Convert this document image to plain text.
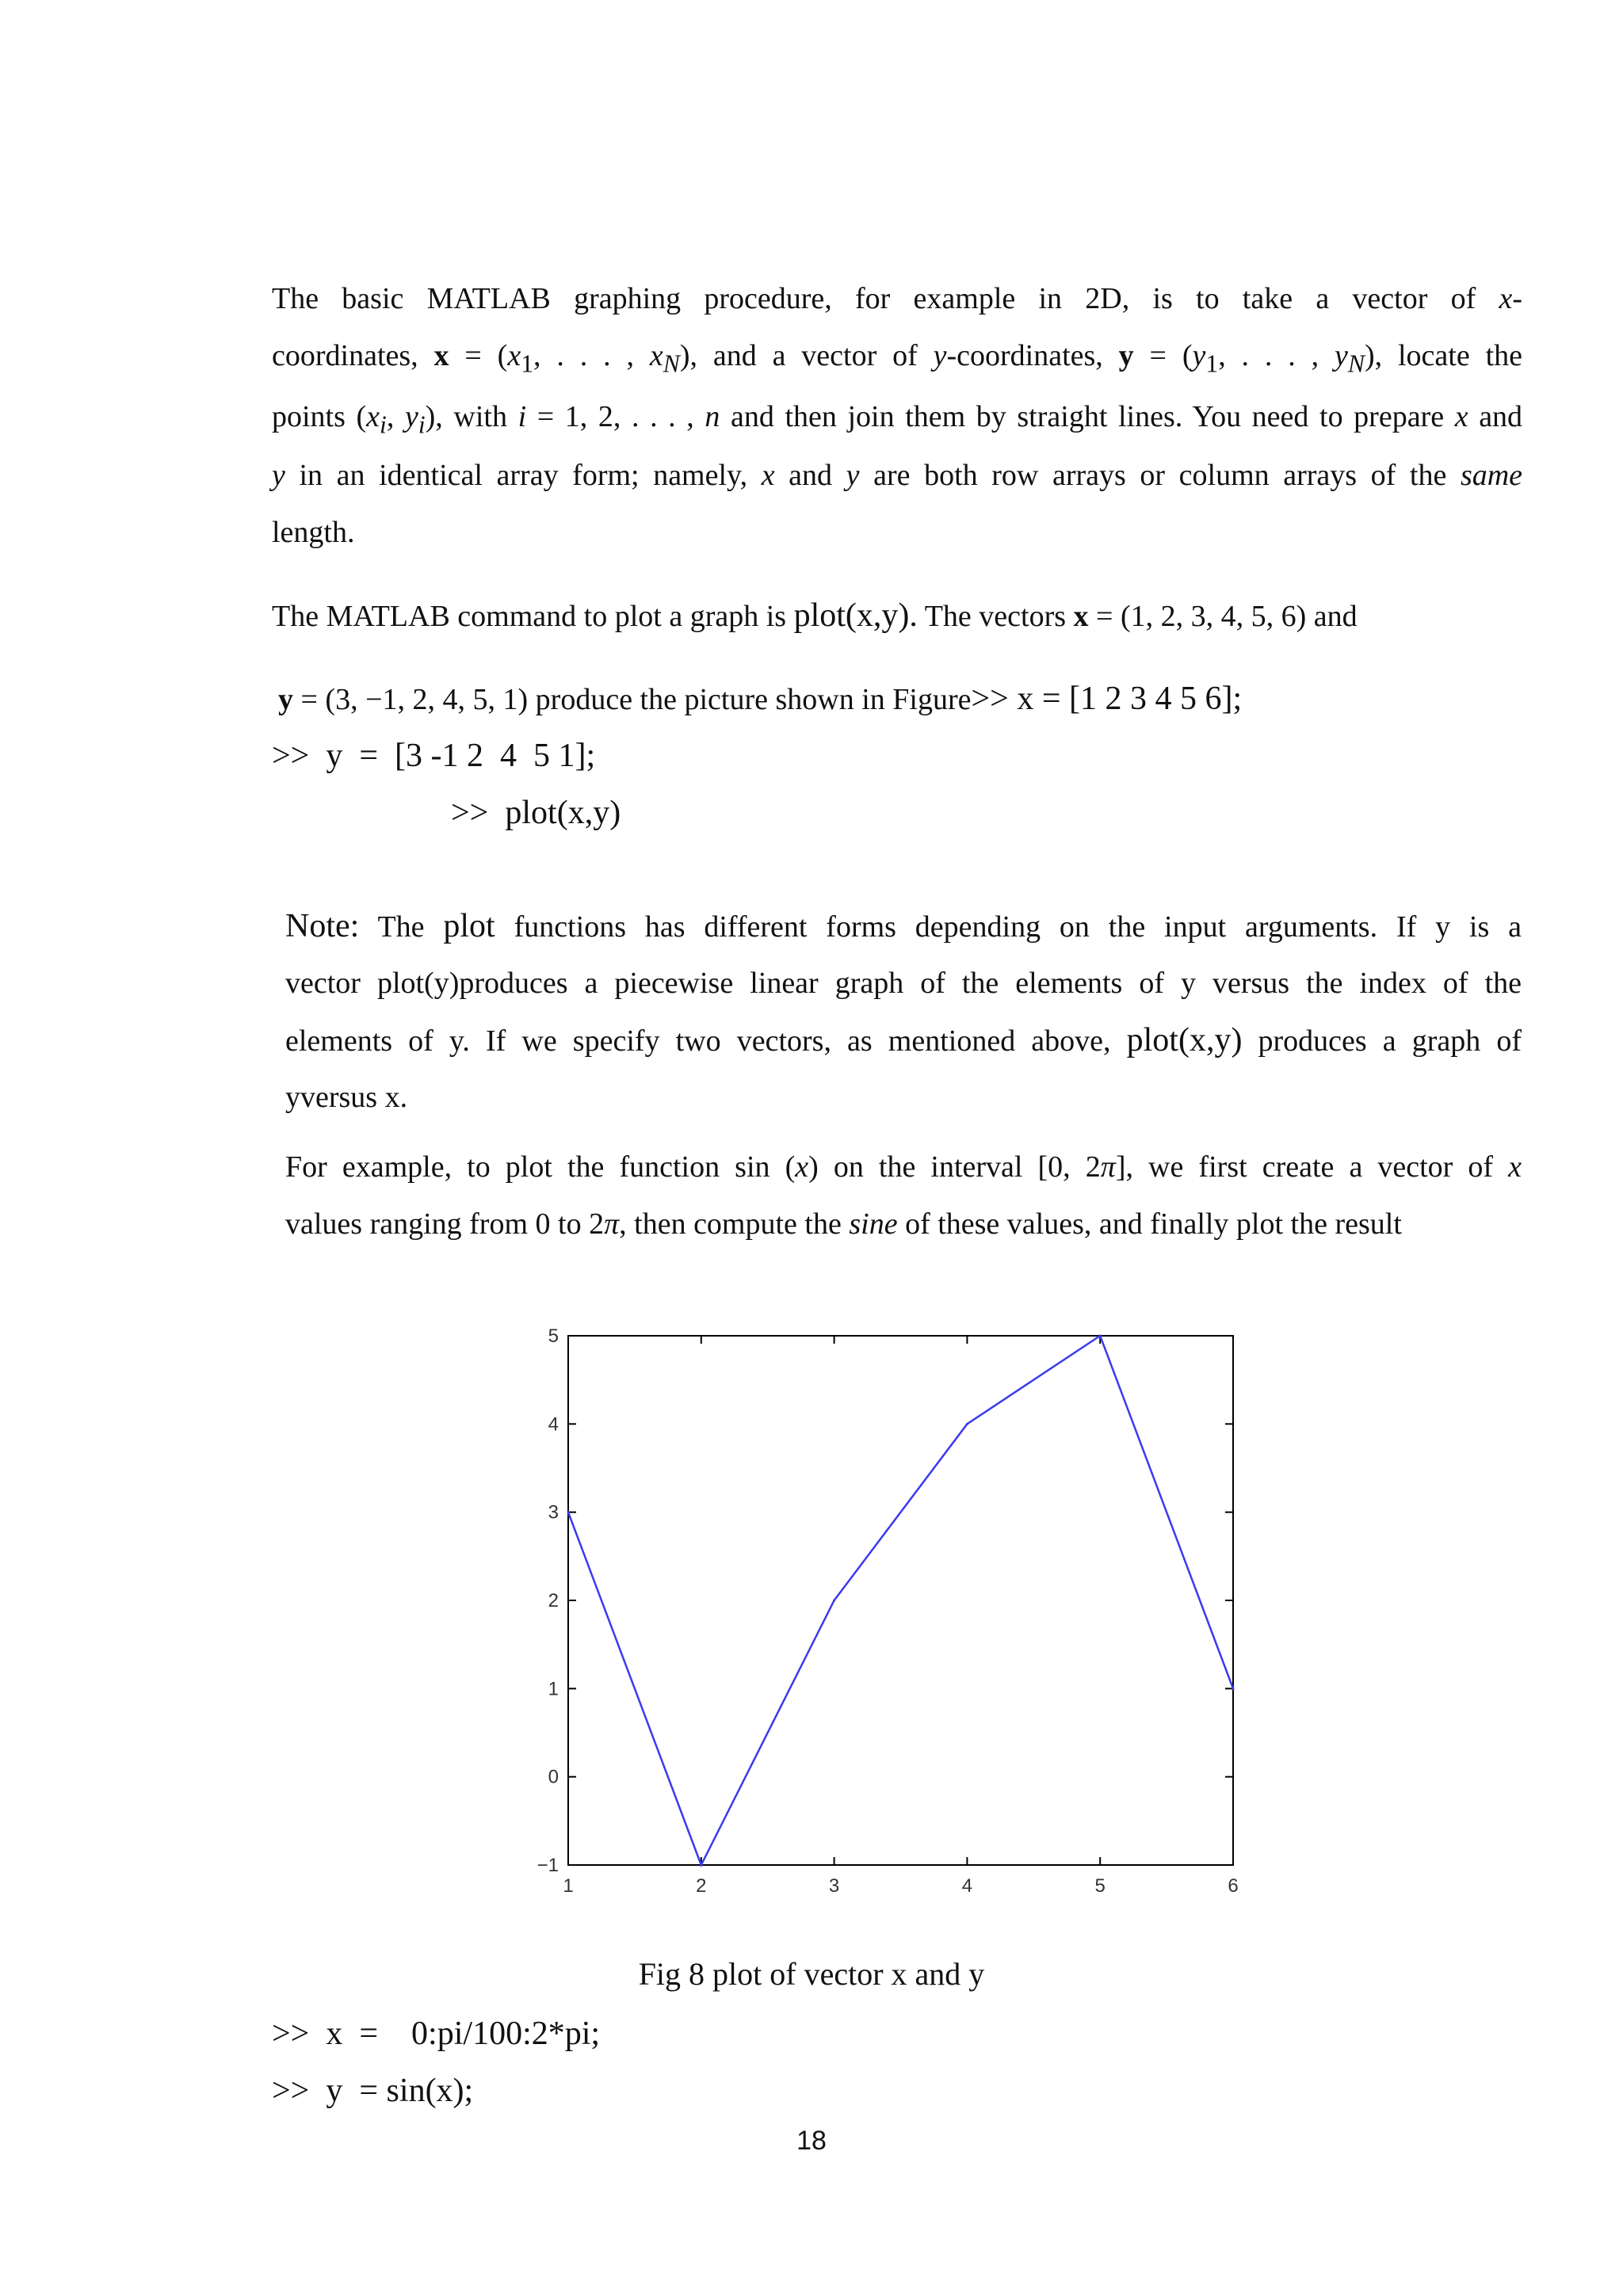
The basic MATLAB graphing procedure, for example in 2D, is to take a vector of x-
coordinates, $x = (x_1$, . . . , $x_N$), and a vector of y-coordinates, $y = (y_1$, . . . , $y_N$), locate the
points ($x_i$, $y_i$), with i = 1, 2, . . . , n and then join them by straight lines. You need to prepare x and
y in an identical array form; namely, x and y are both row arrays or column arrays of the same
length.
The MATLAB command to plot a graph is plot(x,y). The vectors x = (1, 2, 3, 4, 5, 6) and
y = (3, −1, 2, 4, 5, 1) produce the picture shown in Figure>> x = [1 2 3 4 5 6];
>>  y  =  [3 -1 2  4  5 1];
>>  plot(x,y)
Note: The plot functions has different forms depending on the input arguments. If y is a
vector plot(y)produces a piecewise linear graph of the elements of y versus the index of the
elements of y. If we specify two vectors, as mentioned above, plot(x,y) produces a graph of
yversus x.
For example, to plot the function sin (x) on the interval [0, 2π], we first create a vector of x
values ranging from 0 to 2π, then compute the sine of these values, and finally plot the result
1	2	3	4	5	6
−1
0
1
2
3
4
5
Fig 8 plot of vector x and y
>>  x  =    0:pi/100:2*pi;
>>  y  = sin(x);
18
